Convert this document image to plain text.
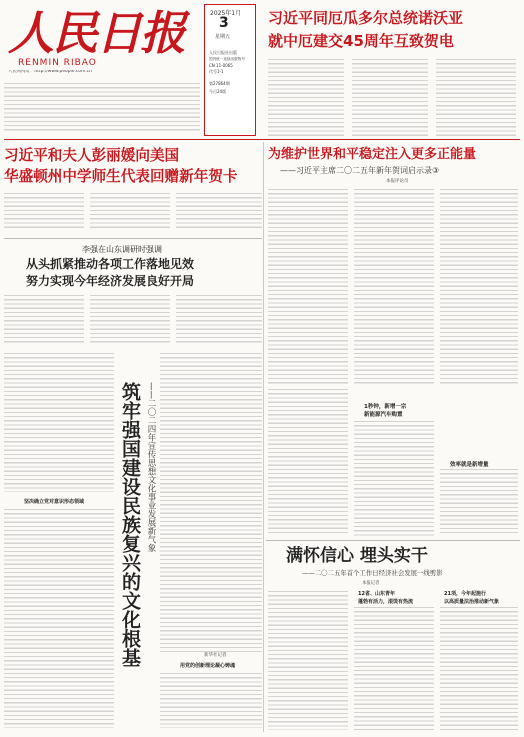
人民日报
RENMIN RIBAO
人民网网址：http://www.people.com.cn
2025年1月
3
星期五
人民日报社出版
国内统一连续出版物号
CN 11-0065
代号1-1
第27864期
今日24版
习近平同厄瓜多尔总统诺沃亚
就中厄建交45周年互致贺电
习近平和夫人彭丽媛向美国
华盛顿州中学师生代表回赠新年贺卡
为维护世界和平稳定注入更多正能量
——习近平主席二〇二五年新年贺词启示录③
本报评论员
李强在山东调研时强调
从头抓紧推动各项工作落地见效
努力实现今年经济发展良好开局
坚决确立党对意识形态领域 筑牢强国建设民族复兴的文化根基 ——二〇二四年宣传思想文化事业发展新气象
新华社记者
用党的创新理论凝心铸魂
1秒钟，新增一宗
新能源汽车购置
效率就是新增量
满怀信心 埋头实干
——二〇二五年首个工作日经济社会发展一线剪影
本报记者
12省、山东青年
蓬勃有活力，滚烫有热流
21项，今年起施行
以高质量法治推动新气象
